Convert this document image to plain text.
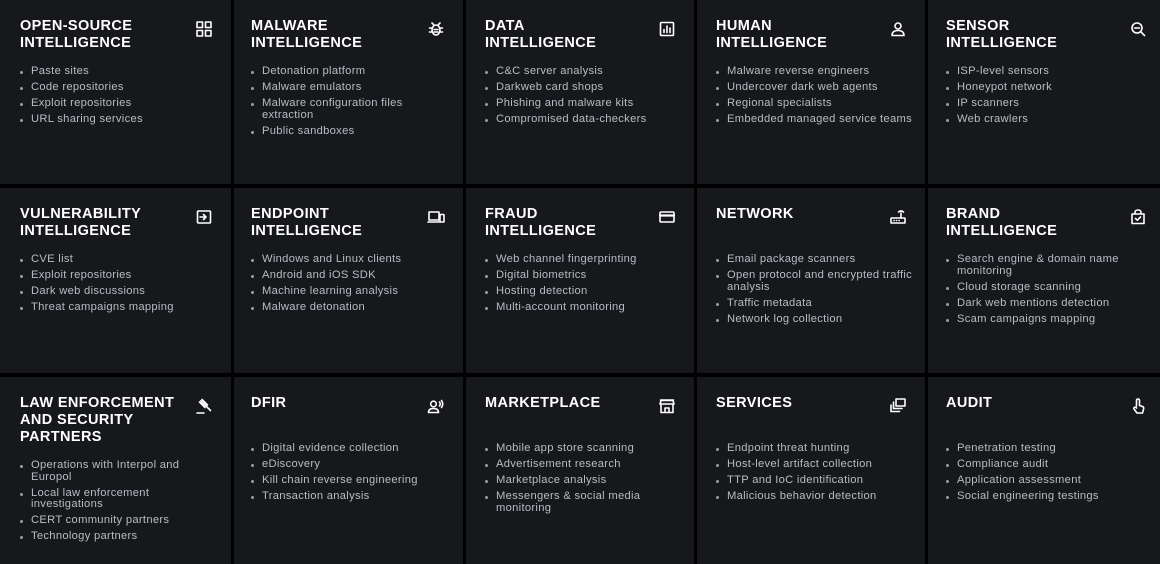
OPEN-SOURCE
INTELLIGENCE
Paste sites
Code repositories
Exploit repositories
URL sharing services
MALWARE
INTELLIGENCE
Detonation platform
Malware emulators
Malware configuration files extraction
Public sandboxes
DATA
INTELLIGENCE
C&C server analysis
Darkweb card shops
Phishing and malware kits
Compromised data-checkers
HUMAN
INTELLIGENCE
Malware reverse engineers
Undercover dark web agents
Regional specialists
Embedded managed service teams
SENSOR
INTELLIGENCE
ISP-level sensors
Honeypot network
IP scanners
Web crawlers
VULNERABILITY
INTELLIGENCE
CVE list
Exploit repositories
Dark web discussions
Threat campaigns mapping
ENDPOINT
INTELLIGENCE
Windows and Linux clients
Android and iOS SDK
Machine learning analysis
Malware detonation
FRAUD
INTELLIGENCE
Web channel fingerprinting
Digital biometrics
Hosting detection
Multi-account monitoring
NETWORK
Email package scanners
Open protocol and encrypted traffic analysis
Traffic metadata
Network log collection
BRAND
INTELLIGENCE
Search engine & domain name monitoring
Cloud storage scanning
Dark web mentions detection
Scam campaigns mapping
LAW ENFORCEMENT
AND SECURITY
PARTNERS
Operations with Interpol and Europol
Local law enforcement investigations
CERT community partners
Technology partners
DFIR
Digital evidence collection
eDiscovery
Kill chain reverse engineering
Transaction analysis
MARKETPLACE
Mobile app store scanning
Advertisement research
Marketplace analysis
Messengers & social media monitoring
SERVICES
Endpoint threat hunting
Host-level artifact collection
TTP and IoC identification
Malicious behavior detection
AUDIT
Penetration testing
Compliance audit
Application assessment
Social engineering testings
